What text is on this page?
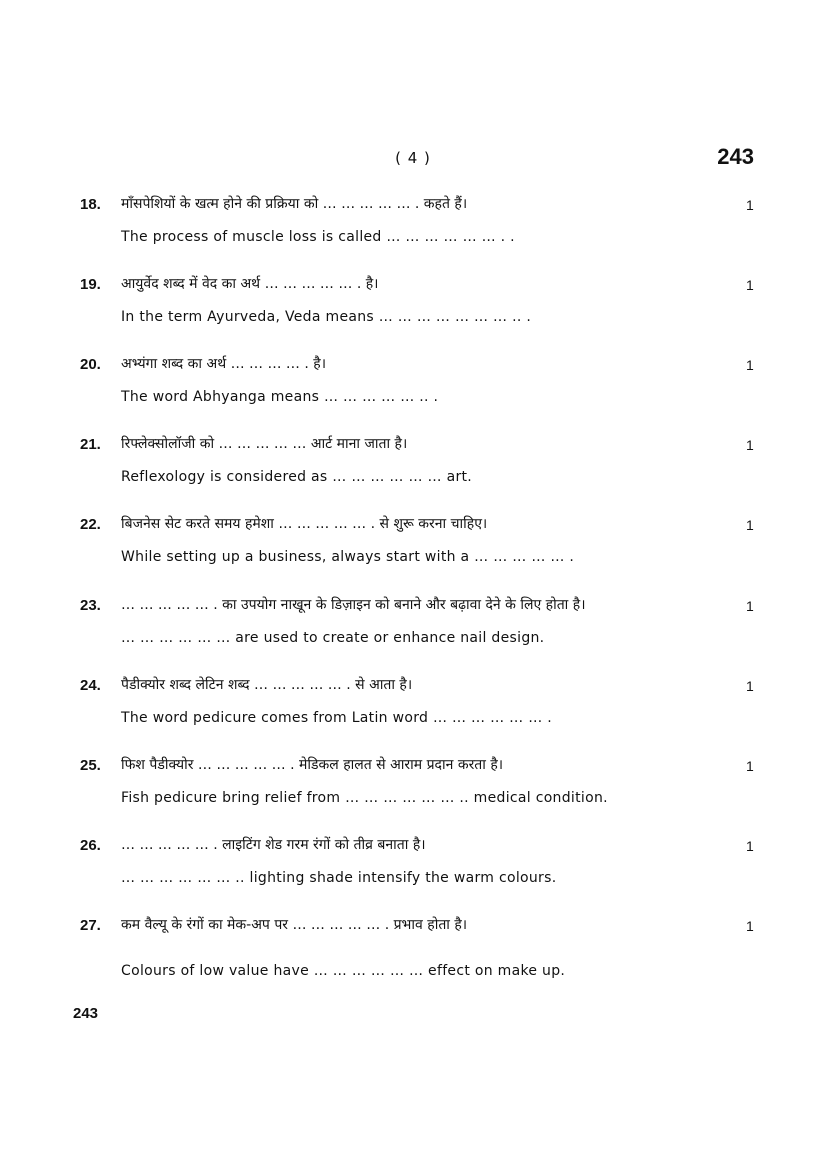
( 4 )	243
18. माँसपेशियों के खत्म होने की प्रक्रिया को … … … … … . कहते हैं।
The process of muscle loss is called … … … … … … . .
1
19. आयुर्वेद शब्द में वेद का अर्थ … … … … … . है।
In the term Ayurveda, Veda means … … … … … … … .. .
1
20. अभ्यंगा शब्द का अर्थ … … … … . है।
The word Abhyanga means … … … … … .. .
1
21. रिफ्लेक्सोलॉजी को … … … … … आर्ट माना जाता है।
Reflexology is considered as … … … … … … art.
1
22. बिजनेस सेट करते समय हमेशा … … … … … . से शुरू करना चाहिए।
While setting up a business, always start with a … … … … … .
1
23. … … … … … . का उपयोग नाखून के डिज़ाइन को बनाने और बढ़ावा देने के लिए होता है।
… … … … … … are used to create or enhance nail design.
1
24. पैडीक्योर शब्द लेटिन शब्द … … … … … . से आता है।
The word pedicure comes from Latin word … … … … … … .
1
25. फिश पैडीक्योर … … … … … . मेडिकल हालत से आराम प्रदान करता है।
Fish pedicure bring relief from … … … … … … .. medical condition.
1
26. … … … … … . लाइटिंग शेड गरम रंगों को तीव्र बनाता है।
… … … … … … .. lighting shade intensify the warm colours.
1
27. कम वैल्यू के रंगों का मेक-अप पर … … … … … . प्रभाव होता है।
Colours of low value have … … … … … … effect on make up.
1
243
